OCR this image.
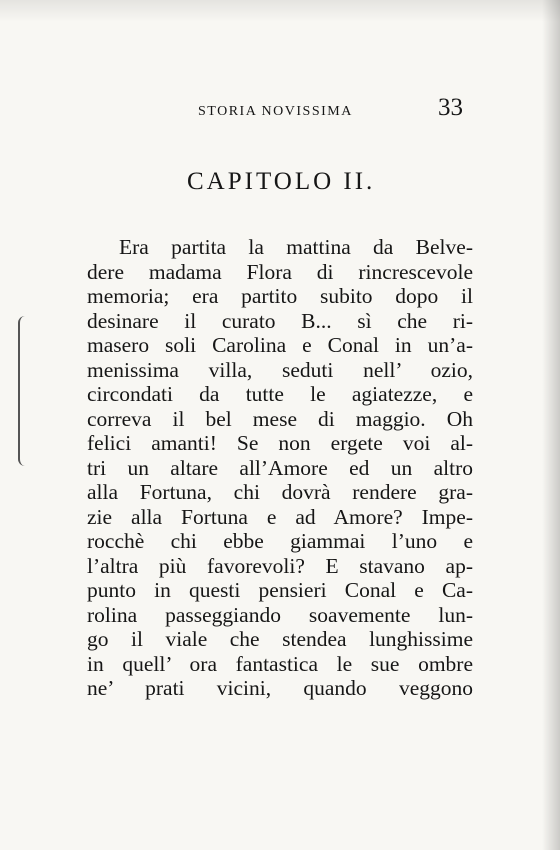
STORIA NOVISSIMA	33
CAPITOLO II.
Era partita la mattina da Belve-
dere madama Flora di rincrescevole
memoria; era partito subito dopo il
desinare il curato B... sì che ri-
masero soli Carolina e Conal in un’a-
menissima villa, seduti nell’ ozio,
circondati da tutte le agiatezze, e
correva il bel mese di maggio. Oh
felici amanti! Se non ergete voi al-
tri un altare all’Amore ed un altro
alla Fortuna, chi dovrà rendere gra-
zie alla Fortuna e ad Amore? Impe-
rocchè chi ebbe giammai l’uno e
l’altra più favorevoli? E stavano ap-
punto in questi pensieri Conal e Ca-
rolina passeggiando soavemente lun-
go il viale che stendea lunghissime
in quell’ ora fantastica le sue ombre
ne’ prati vicini, quando veggono
